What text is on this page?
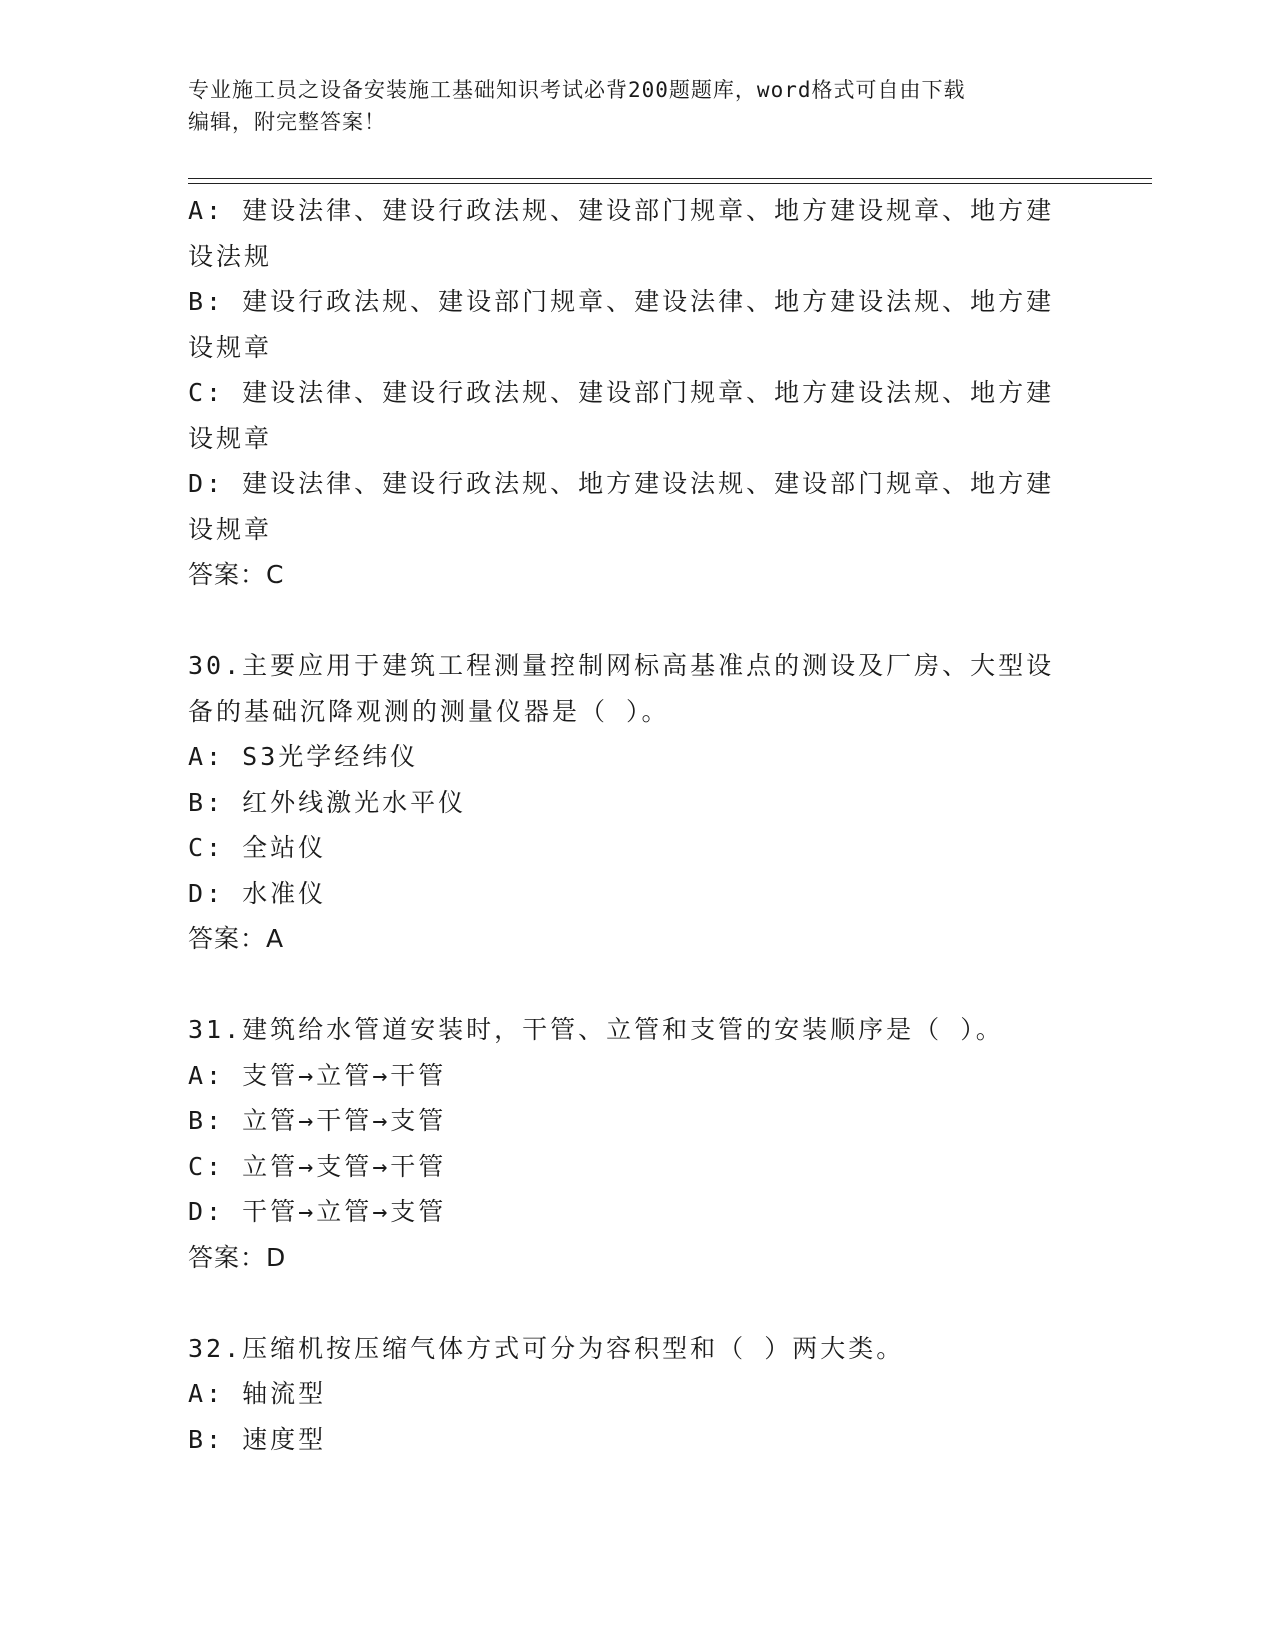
专业施工员之设备安装施工基础知识考试必背200题题库，word格式可自由下载
编辑，附完整答案！
A: 建设法律、建设行政法规、建设部门规章、地方建设规章、地方建
设法规
B: 建设行政法规、建设部门规章、建设法律、地方建设法规、地方建
设规章
C: 建设法律、建设行政法规、建设部门规章、地方建设法规、地方建
设规章
D: 建设法律、建设行政法规、地方建设法规、建设部门规章、地方建
设规章
答案：C
30.主要应用于建筑工程测量控制网标高基准点的测设及厂房、大型设
备的基础沉降观测的测量仪器是（ ）。
A: S3光学经纬仪
B: 红外线激光水平仪
C: 全站仪
D: 水准仪
答案：A
31.建筑给水管道安装时，干管、立管和支管的安装顺序是（ ）。
A: 支管→立管→干管
B: 立管→干管→支管
C: 立管→支管→干管
D: 干管→立管→支管
答案：D
32.压缩机按压缩气体方式可分为容积型和（ ）两大类。
A: 轴流型
B: 速度型
